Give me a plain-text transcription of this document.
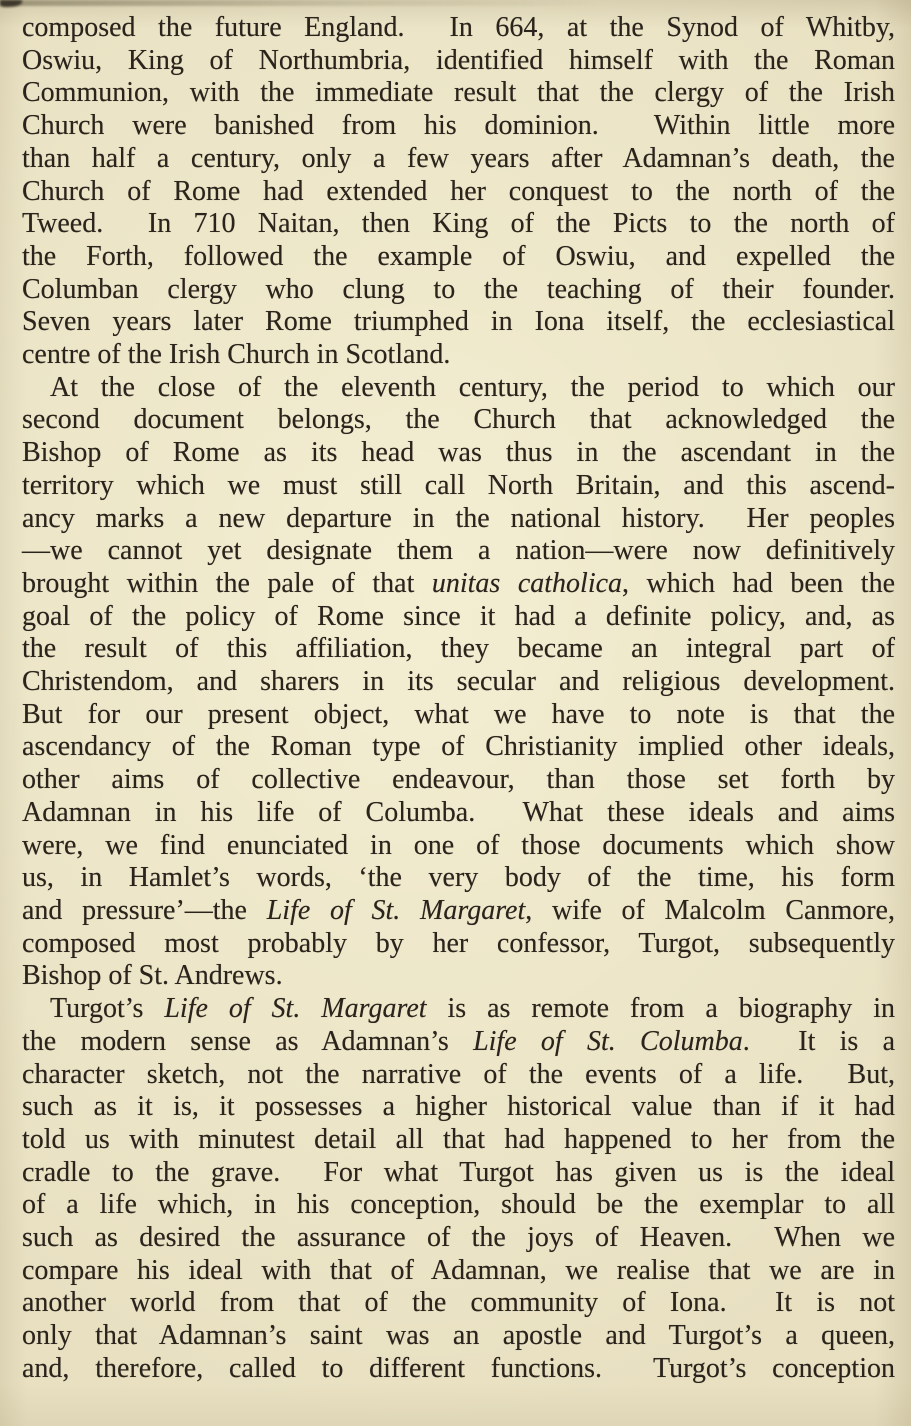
composed the future England.  In 664, at the Synod of Whitby,
Oswiu, King of Northumbria, identified himself with the Roman
Communion, with the immediate result that the clergy of the Irish
Church were banished from his dominion.  Within little more
than half a century, only a few years after Adamnan’s death, the
Church of Rome had extended her conquest to the north of the
Tweed.  In 710 Naitan, then King of the Picts to the north of
the Forth, followed the example of Oswiu, and expelled the
Columban clergy who clung to the teaching of their founder.
Seven years later Rome triumphed in Iona itself, the ecclesiastical
centre of the Irish Church in Scotland.
At the close of the eleventh century, the period to which our
second document belongs, the Church that acknowledged the
Bishop of Rome as its head was thus in the ascendant in the
territory which we must still call North Britain, and this ascend-
ancy marks a new departure in the national history.  Her peoples
—we cannot yet designate them a nation—were now definitively
brought within the pale of that unitas catholica, which had been the
goal of the policy of Rome since it had a definite policy, and, as
the result of this affiliation, they became an integral part of
Christendom, and sharers in its secular and religious development.
But for our present object, what we have to note is that the
ascendancy of the Roman type of Christianity implied other ideals,
other aims of collective endeavour, than those set forth by
Adamnan in his life of Columba.  What these ideals and aims
were, we find enunciated in one of those documents which show
us, in Hamlet’s words, ‘the very body of the time, his form
and pressure’—the Life of St. Margaret, wife of Malcolm Canmore,
composed most probably by her confessor, Turgot, subsequently
Bishop of St. Andrews.
Turgot’s Life of St. Margaret is as remote from a biography in
the modern sense as Adamnan’s Life of St. Columba.  It is a
character sketch, not the narrative of the events of a life.  But,
such as it is, it possesses a higher historical value than if it had
told us with minutest detail all that had happened to her from the
cradle to the grave.  For what Turgot has given us is the ideal
of a life which, in his conception, should be the exemplar to all
such as desired the assurance of the joys of Heaven.  When we
compare his ideal with that of Adamnan, we realise that we are in
another world from that of the community of Iona.  It is not
only that Adamnan’s saint was an apostle and Turgot’s a queen,
and, therefore, called to different functions.  Turgot’s conception
